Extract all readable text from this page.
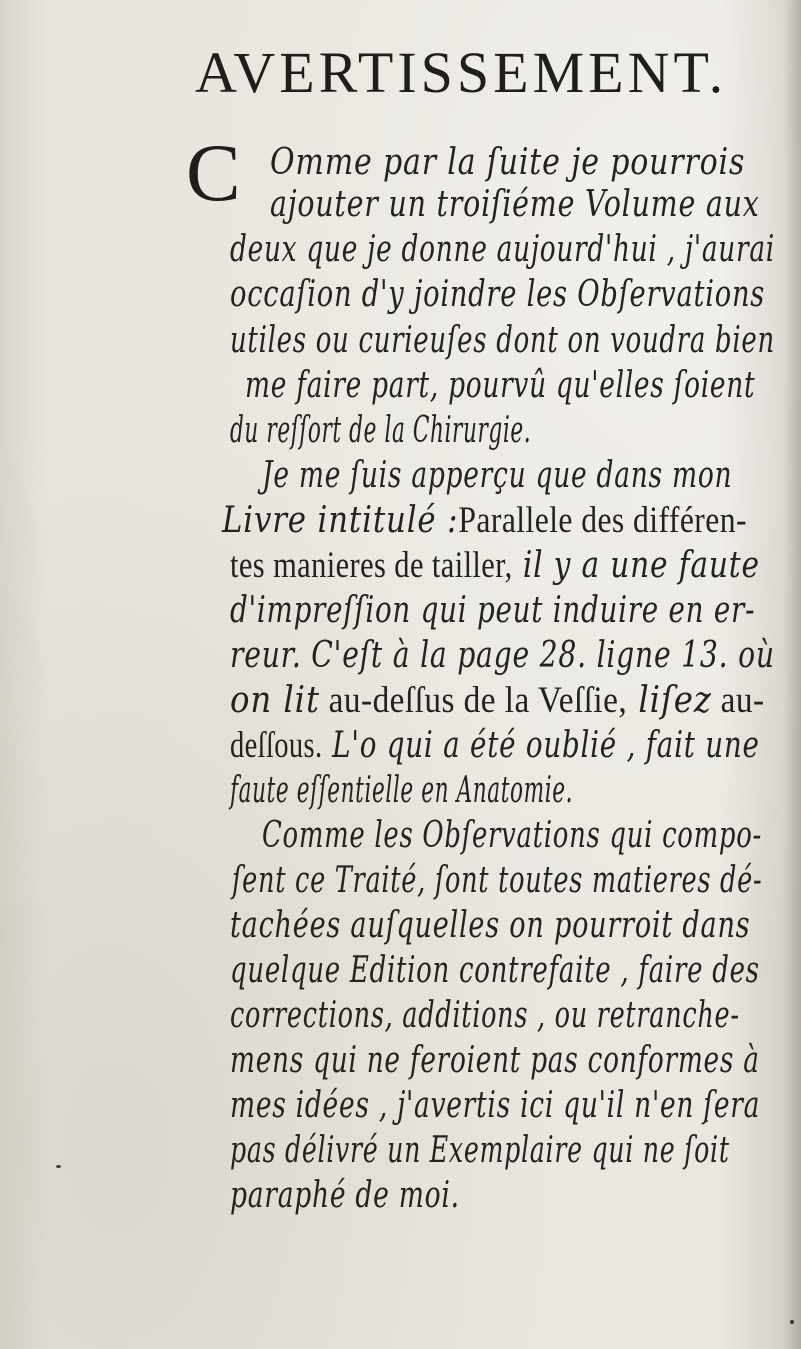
AVERTISSEMENT.
C Omme par la ſuite je pourrois
ajouter un troiſiéme Volume aux
deux que je donne aujourd'hui , j'aurai
occaſion d'y joindre les Obſervations
utiles ou curieuſes dont on voudra bien
me faire part, pourvû qu'elles ſoient
du reſſort de la Chirurgie.
Je me ſuis apperçu que dans mon
Livre intitulé :Parallele des différen-
tes manieres de tailler, il y a une faute
d'impreſſion qui peut induire en er-
reur. C'eſt à la page 28. ligne 13. où
on lit au-deſſus de la Veſſie, liſez au-
deſſous. L'o qui a été oublié , fait une
faute eſſentielle en Anatomie.
Comme les Obſervations qui compo-
ſent ce Traité, ſont toutes matieres dé-
tachées auſquelles on pourroit dans
quelque Edition contrefaite , faire des
corrections, additions , ou retranche-
mens qui ne feroient pas conformes à
mes idées , j'avertis ici qu'il n'en ſera
pas délivré un Exemplaire qui ne ſoit
paraphé de moi.
